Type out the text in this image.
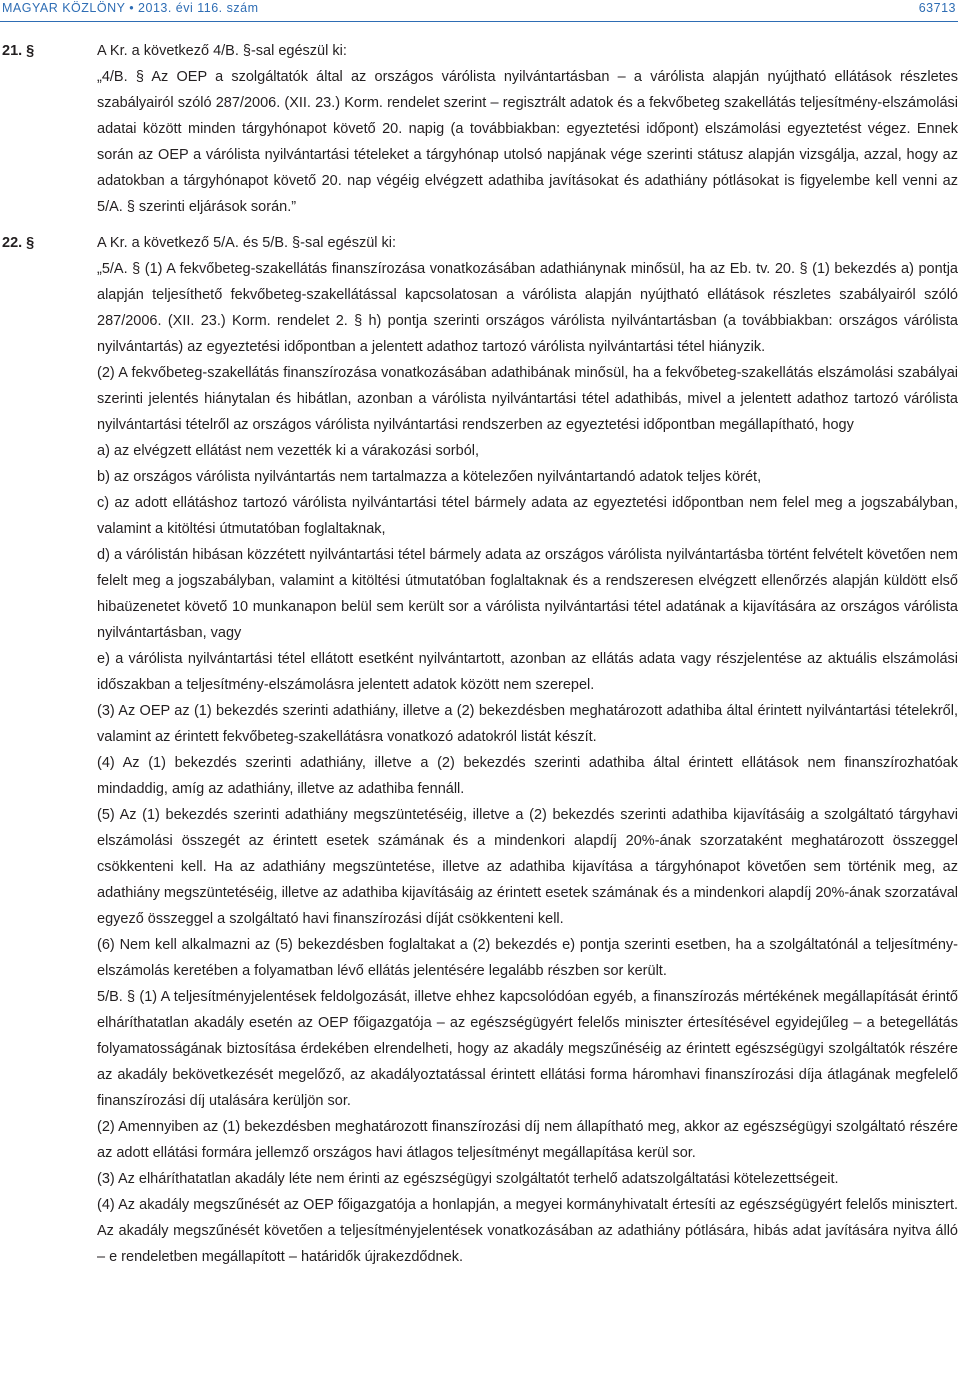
MAGYAR KÖZLÖNY • 2013. évi 116. szám	63713
21. §	A Kr. a következő 4/B. §-sal egészül ki:

„4/B. § Az OEP a szolgáltatók által az országos várólista nyilvántartásban – a várólista alapján nyújtható ellátások részletes szabályairól szóló 287/2006. (XII. 23.) Korm. rendelet szerint – regisztrált adatok és a fekvőbeteg szakellátás teljesítmény-elszámolási adatai között minden tárgyhónapot követő 20. napig (a továbbiakban: egyeztetési időpont) elszámolási egyeztetést végez. Ennek során az OEP a várólista nyilvántartási tételeket a tárgyhónap utolsó napjának vége szerinti státusz alapján vizsgálja, azzal, hogy az adatokban a tárgyhónapot követő 20. nap végéig elvégzett adathiba javításokat és adathiány pótlásokat is figyelembe kell venni az 5/A. § szerinti eljárások során.”

22. §	A Kr. a következő 5/A. és 5/B. §-sal egészül ki:

„5/A. § (1) A fekvőbeteg-szakellátás finanszírozása vonatkozásában adathiánynak minősül, ha az Eb. tv. 20. § (1) bekezdés a) pontja alapján teljesíthető fekvőbeteg-szakellátással kapcsolatosan a várólista alapján nyújtható ellátások részletes szabályairól szóló 287/2006. (XII. 23.) Korm. rendelet 2. § h) pontja szerinti országos várólista nyilvántartásban (a továbbiakban: országos várólista nyilvántartás) az egyeztetési időpontban a jelentett adathoz tartozó várólista nyilvántartási tétel hiányzik.

(2) A fekvőbeteg-szakellátás finanszírozása vonatkozásában adathibának minősül, ha a fekvőbeteg-szakellátás elszámolási szabályai szerinti jelentés hiánytalan és hibátlan, azonban a várólista nyilvántartási tétel adathibás, mivel a jelentett adathoz tartozó várólista nyilvántartási tételről az országos várólista nyilvántartási rendszerben az egyeztetési időpontban megállapítható, hogy

a) az elvégzett ellátást nem vezették ki a várakozási sorból,

b) az országos várólista nyilvántartás nem tartalmazza a kötelezően nyilvántartandó adatok teljes körét,

c) az adott ellátáshoz tartozó várólista nyilvántartási tétel bármely adata az egyeztetési időpontban nem felel meg a jogszabályban, valamint a kitöltési útmutatóban foglaltaknak,

d) a várólistán hibásan közzétett nyilvántartási tétel bármely adata az országos várólista nyilvántartásba történt felvételt követően nem felelt meg a jogszabályban, valamint a kitöltési útmutatóban foglaltaknak és a rendszeresen elvégzett ellenőrzés alapján küldött első hibaüzenetet követő 10 munkanapon belül sem került sor a várólista nyilvántartási tétel adatának a kijavítására az országos várólista nyilvántartásban, vagy

e) a várólista nyilvántartási tétel ellátott esetként nyilvántartott, azonban az ellátás adata vagy részjelentése az aktuális elszámolási időszakban a teljesítmény-elszámolásra jelentett adatok között nem szerepel.

(3) Az OEP az (1) bekezdés szerinti adathiány, illetve a (2) bekezdésben meghatározott adathiba által érintett nyilvántartási tételekről, valamint az érintett fekvőbeteg-szakellátásra vonatkozó adatokról listát készít.

(4) Az (1) bekezdés szerinti adathiány, illetve a (2) bekezdés szerinti adathiba által érintett ellátások nem finanszírozhatóak mindaddig, amíg az adathiány, illetve az adathiba fennáll.

(5) Az (1) bekezdés szerinti adathiány megszüntetéséig, illetve a (2) bekezdés szerinti adathiba kijavításáig a szolgáltató tárgyhavi elszámolási összegét az érintett esetek számának és a mindenkori alapdíj 20%-ának szorzataként meghatározott összeggel csökkenteni kell. Ha az adathiány megszüntetése, illetve az adathiba kijavítása a tárgyhónapot követően sem történik meg, az adathiány megszüntetéséig, illetve az adathiba kijavításáig az érintett esetek számának és a mindenkori alapdíj 20%-ának szorzatával egyező összeggel a szolgáltató havi finanszírozási díját csökkenteni kell.

(6) Nem kell alkalmazni az (5) bekezdésben foglaltakat a (2) bekezdés e) pontja szerinti esetben, ha a szolgáltatónál a teljesítmény-elszámolás keretében a folyamatban lévő ellátás jelentésére legalább részben sor került.

5/B. § (1) A teljesítményjelentések feldolgozását, illetve ehhez kapcsolódóan egyéb, a finanszírozás mértékének megállapítását érintő elháríthatatlan akadály esetén az OEP főigazgatója – az egészségügyért felelős miniszter értesítésével egyidejűleg – a betegellátás folyamatosságának biztosítása érdekében elrendelheti, hogy az akadály megszűnéséig az érintett egészségügyi szolgáltatók részére az akadály bekövetkezését megelőző, az akadályoztatással érintett ellátási forma háromhavi finanszírozási díja átlagának megfelelő finanszírozási díj utalására kerüljön sor.

(2) Amennyiben az (1) bekezdésben meghatározott finanszírozási díj nem állapítható meg, akkor az egészségügyi szolgáltató részére az adott ellátási formára jellemző országos havi átlagos teljesítményt megállapítása kerül sor.

(3) Az elháríthatatlan akadály léte nem érinti az egészségügyi szolgáltatót terhelő adatszolgáltatási kötelezettségeit.

(4) Az akadály megszűnését az OEP főigazgatója a honlapján, a megyei kormányhivatalt értesíti az egészségügyért felelős minisztert. Az akadály megszűnését követően a teljesítményjelentések vonatkozásában az adathiány pótlására, hibás adat javítására nyitva álló – e rendeletben megállapított – határidők újrakezdődnek.
